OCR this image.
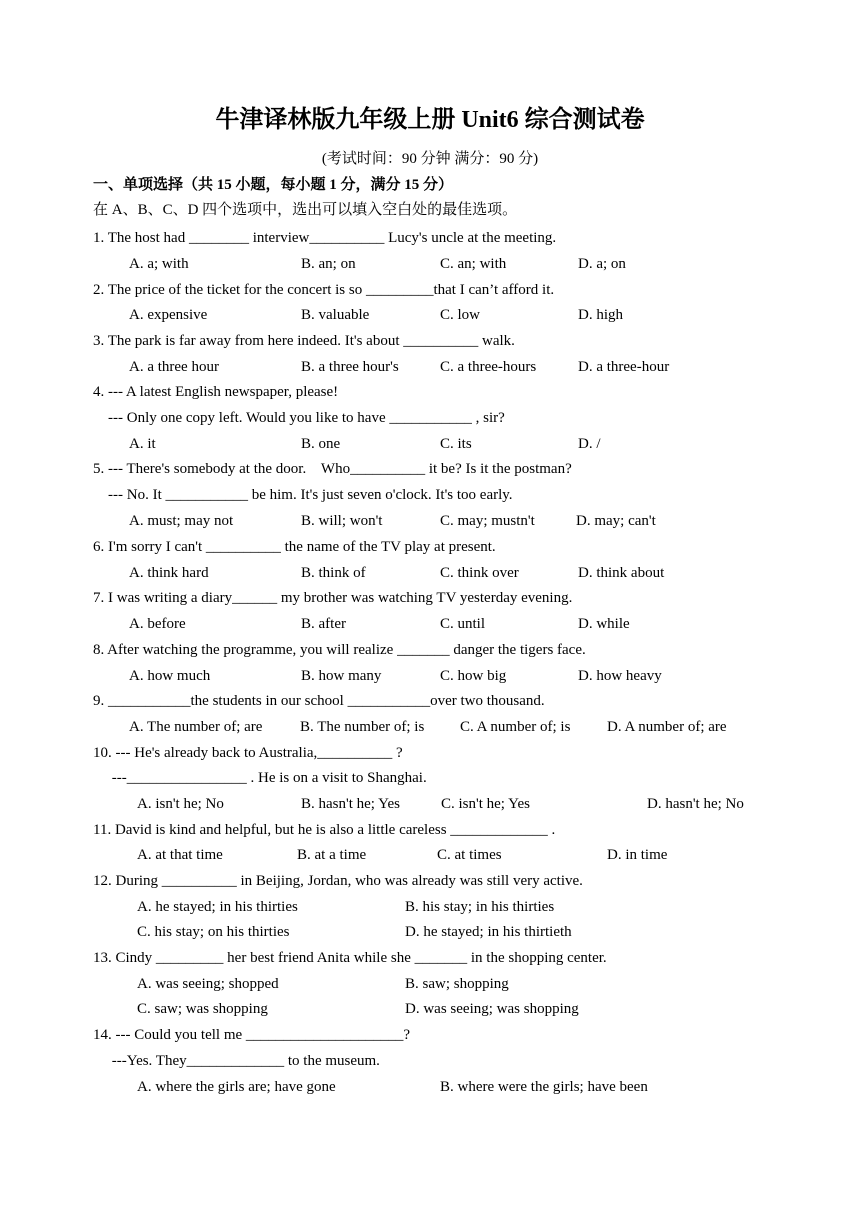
牛津译林版九年级上册 Unit6 综合测试卷
(考试时间：90 分钟 满分：90 分)
一、单项选择（共 15 小题，每小题 1 分，满分 15 分）
在 A、B、C、D 四个选项中，选出可以填入空白处的最佳选项。
1. The host had ________ interview__________ Lucy's uncle at the meeting.
A. a; with	B. an; on	C. an; with	D. a; on
2. The price of the ticket for the concert is so _________that I can’t afford it.
A. expensive	B. valuable	C. low	D. high
3. The park is far away from here indeed. It's about __________ walk.
A. a three hour	B. a three hour's	C. a three-hours	D. a three-hour
4. --- A latest English newspaper, please!
--- Only one copy left. Would you like to have ___________ , sir?
A. it	B. one	C. its	D. /
5. --- There's somebody at the door.    Who__________ it be? Is it the postman?
--- No. It ___________ be him. It's just seven o'clock. It's too early.
A. must; may not	B. will; won't	C. may; mustn't	D. may; can't
6. I'm sorry I can't __________ the name of the TV play at present.
A. think hard	B. think of	C. think over	D. think about
7. I was writing a diary______ my brother was watching TV yesterday evening.
A. before	B. after	C. until	D. while
8. After watching the programme, you will realize _______ danger the tigers face.
A. how much	B. how many	C. how big	D. how heavy
9. ___________the students in our school ___________over two thousand.
A. The number of; are	B. The number of; is C. A number of; is D. A number of; are
10. --- He's already back to Australia,__________ ?
---________________ . He is on a visit to Shanghai.
A. isn't he; No	B. hasn't he; Yes	C. isn't he; Yes	D. hasn't he; No
11. David is kind and helpful, but he is also a little careless _____________ .
A. at that time	B. at a time	C. at times	D. in time
12. During __________ in Beijing, Jordan, who was already was still very active.
A. he stayed; in his thirties	B. his stay; in his thirties
C. his stay; on his thirties	D. he stayed; in his thirtieth
13. Cindy _________ her best friend Anita while she _______ in the shopping center.
A. was seeing; shopped	B. saw; shopping
C. saw; was shopping	D. was seeing; was shopping
14. --- Could you tell me _____________________?
---Yes. They_____________ to the museum.
A. where the girls are; have gone	B. where were the girls; have been
